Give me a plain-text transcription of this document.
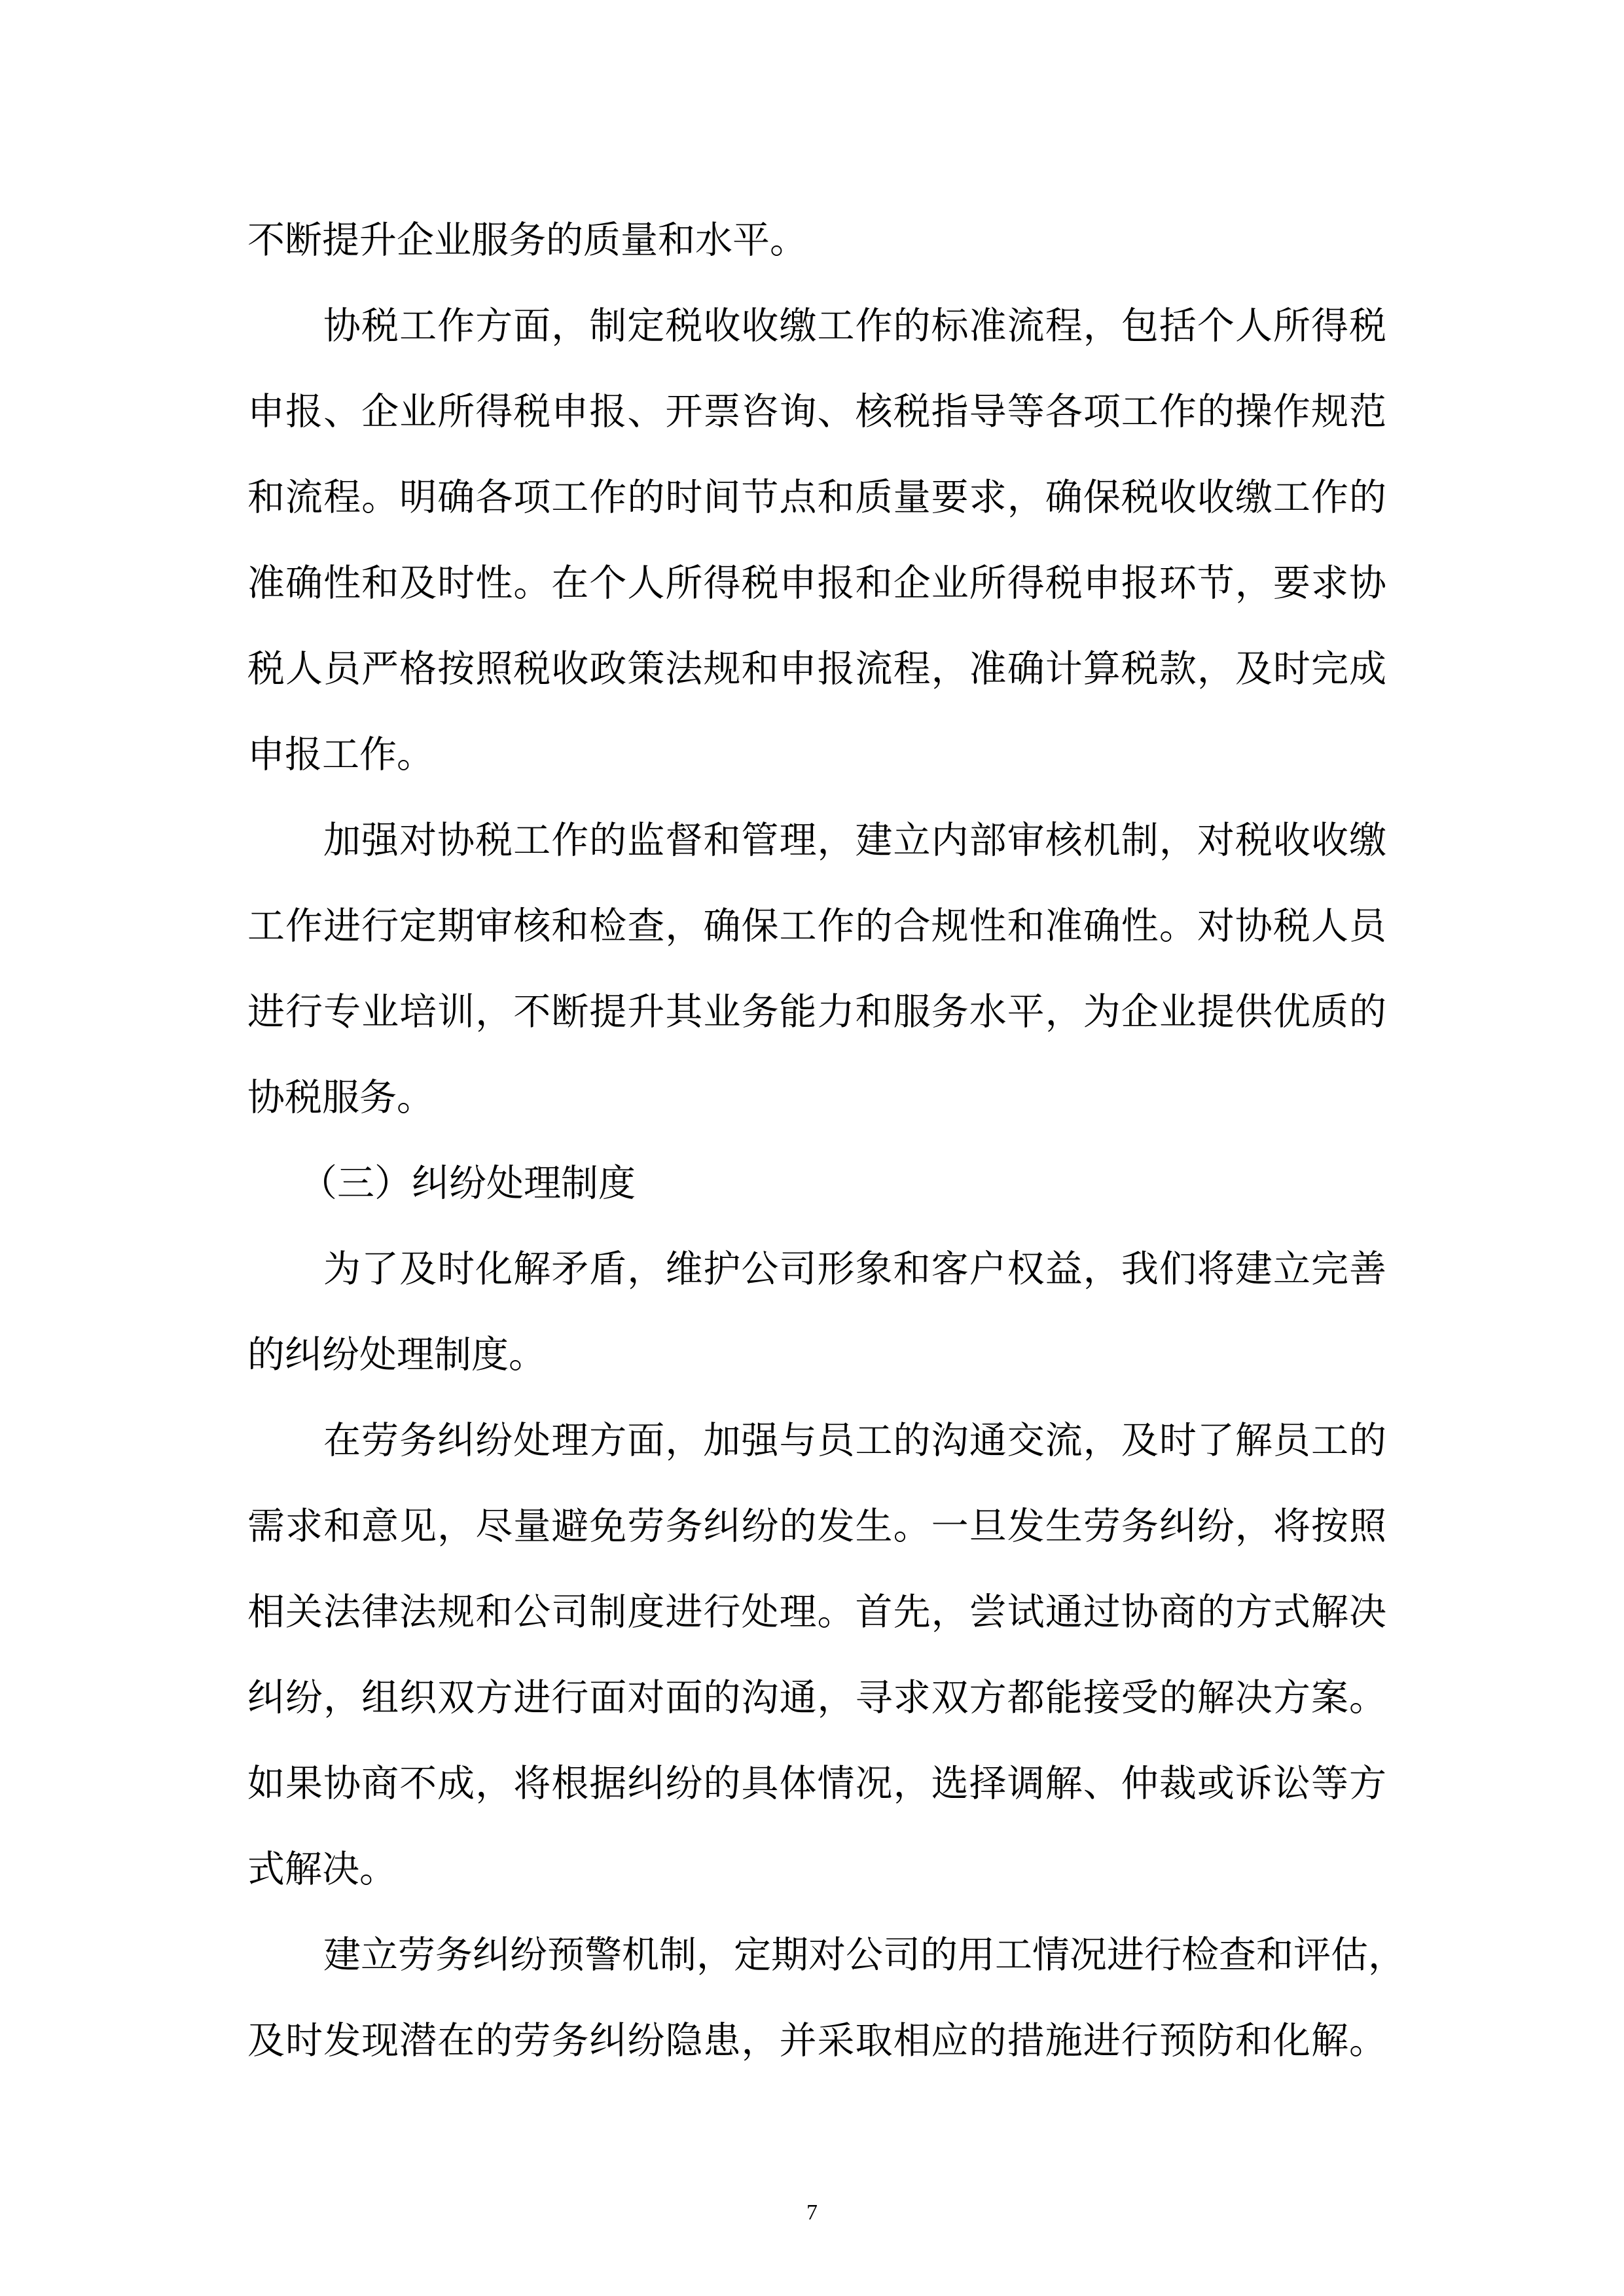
不断提升企业服务的质量和水平。
协税工作方面，制定税收收缴工作的标准流程，包括个人所得税
申报、企业所得税申报、开票咨询、核税指导等各项工作的操作规范
和流程。明确各项工作的时间节点和质量要求，确保税收收缴工作的
准确性和及时性。在个人所得税申报和企业所得税申报环节，要求协
税人员严格按照税收政策法规和申报流程，准确计算税款，及时完成
申报工作。
加强对协税工作的监督和管理，建立内部审核机制，对税收收缴
工作进行定期审核和检查，确保工作的合规性和准确性。对协税人员
进行专业培训，不断提升其业务能力和服务水平，为企业提供优质的
协税服务。
（三）纠纷处理制度
为了及时化解矛盾，维护公司形象和客户权益，我们将建立完善
的纠纷处理制度。
在劳务纠纷处理方面，加强与员工的沟通交流，及时了解员工的
需求和意见，尽量避免劳务纠纷的发生。一旦发生劳务纠纷，将按照
相关法律法规和公司制度进行处理。首先，尝试通过协商的方式解决
纠纷，组织双方进行面对面的沟通，寻求双方都能接受的解决方案。
如果协商不成，将根据纠纷的具体情况，选择调解、仲裁或诉讼等方
式解决。
建立劳务纠纷预警机制，定期对公司的用工情况进行检查和评估，
及时发现潜在的劳务纠纷隐患，并采取相应的措施进行预防和化解。
7
